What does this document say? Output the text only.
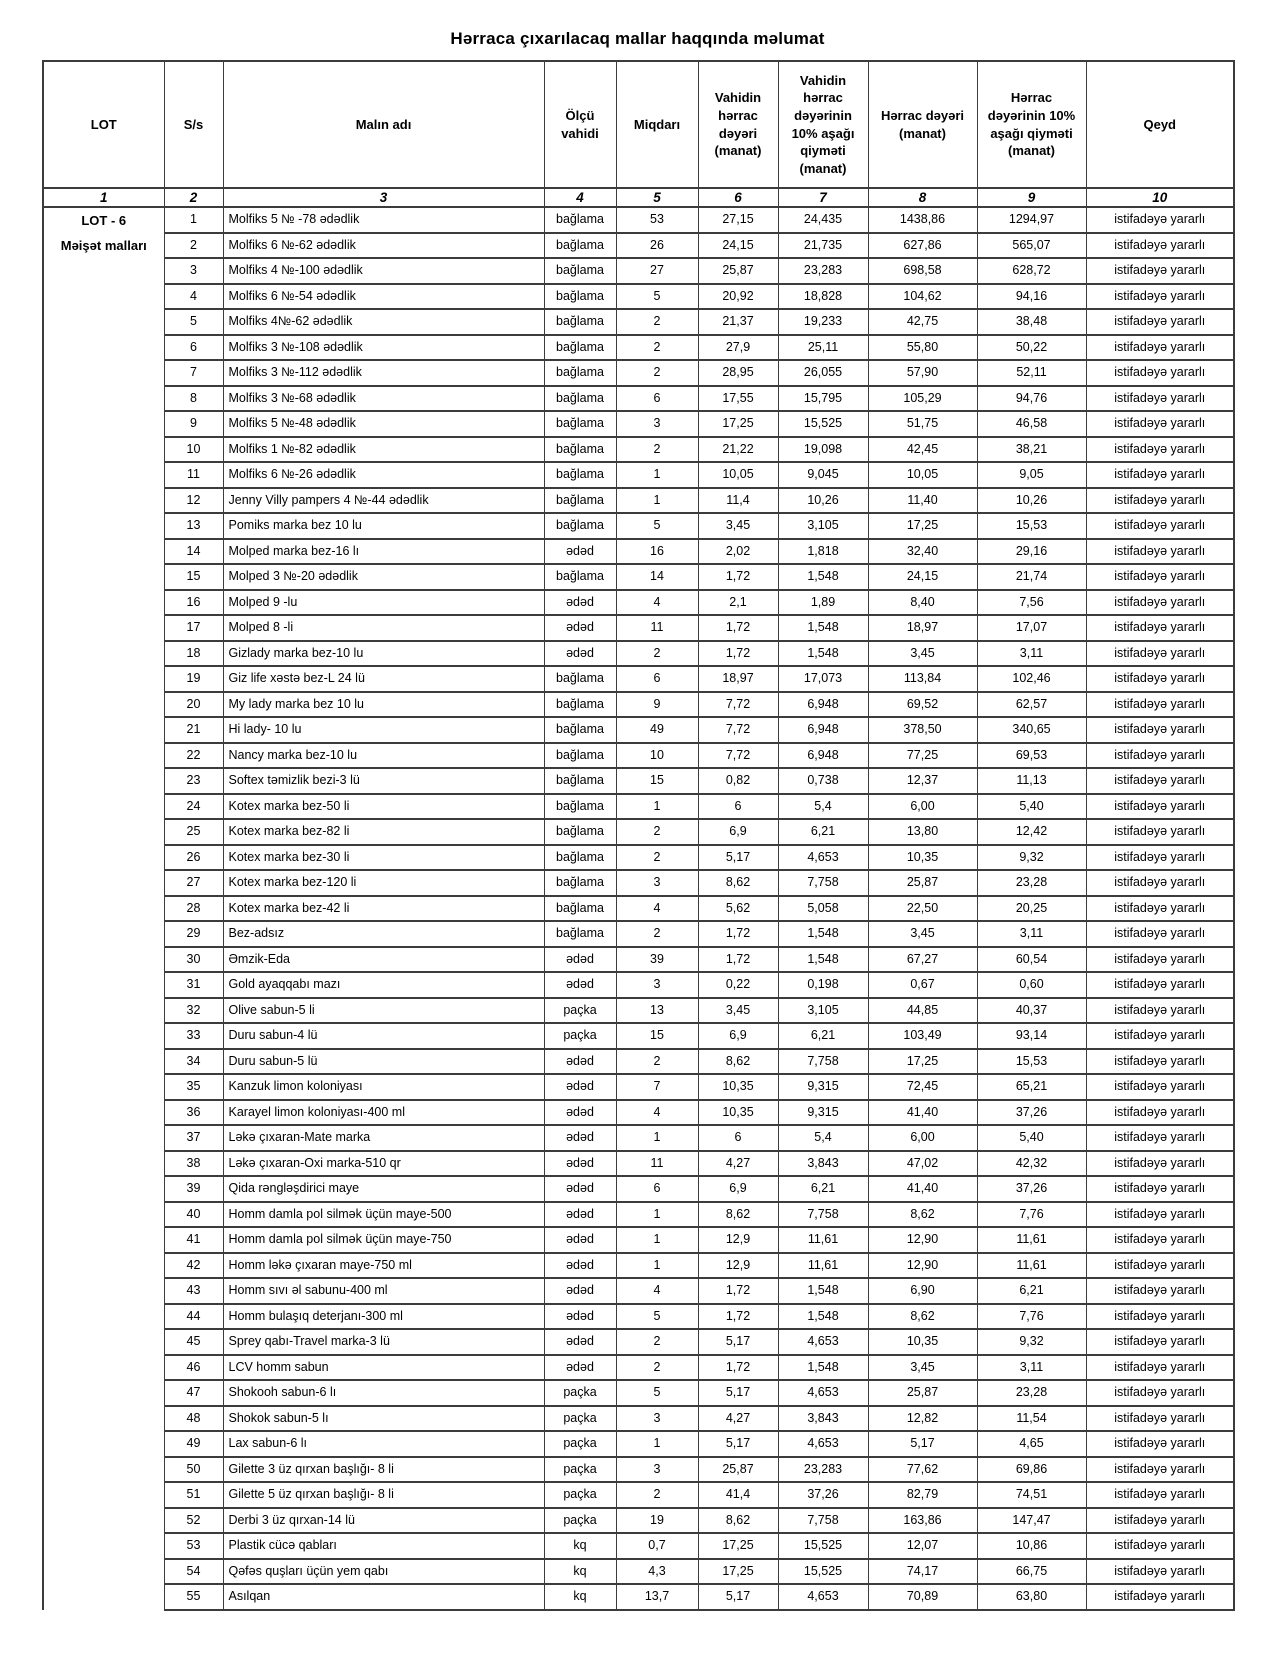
Hərraca çıxarılacaq mallar haqqında məlumat
LOT	S/s	Malın adı	Ölçü vahidi	Miqdarı	Vahidin hərrac dəyəri (manat)	Vahidin hərrac dəyərinin 10% aşağı qiyməti (manat)	Hərrac dəyəri (manat)	Hərrac dəyərinin 10% aşağı qiyməti (manat)	Qeyd
1	2	3	4	5	6	7	8	9	10

LOT - 6
Məişət malları	1	Molfiks 5 № -78 ədədlik	bağlama	53	27,15	24,435	1438,86	1294,97	istifadəyə yararlı
	2	Molfiks 6 №-62 ədədlik	bağlama	26	24,15	21,735	627,86	565,07	istifadəyə yararlı
	3	Molfiks 4 №-100 ədədlik	bağlama	27	25,87	23,283	698,58	628,72	istifadəyə yararlı
	4	Molfiks 6 №-54 ədədlik	bağlama	5	20,92	18,828	104,62	94,16	istifadəyə yararlı
	5	Molfiks 4№-62 ədədlik	bağlama	2	21,37	19,233	42,75	38,48	istifadəyə yararlı
	6	Molfiks 3 №-108 ədədlik	bağlama	2	27,9	25,11	55,80	50,22	istifadəyə yararlı
	7	Molfiks 3 №-112 ədədlik	bağlama	2	28,95	26,055	57,90	52,11	istifadəyə yararlı
	8	Molfiks 3 №-68 ədədlik	bağlama	6	17,55	15,795	105,29	94,76	istifadəyə yararlı
	9	Molfiks 5 №-48 ədədlik	bağlama	3	17,25	15,525	51,75	46,58	istifadəyə yararlı
	10	Molfiks 1 №-82 ədədlik	bağlama	2	21,22	19,098	42,45	38,21	istifadəyə yararlı
	11	Molfiks 6 №-26 ədədlik	bağlama	1	10,05	9,045	10,05	9,05	istifadəyə yararlı
	12	Jenny Villy pampers 4 №-44 ədədlik	bağlama	1	11,4	10,26	11,40	10,26	istifadəyə yararlı
	13	Pomiks marka bez 10 lu	bağlama	5	3,45	3,105	17,25	15,53	istifadəyə yararlı
	14	Molped marka bez-16 lı	ədəd	16	2,02	1,818	32,40	29,16	istifadəyə yararlı
	15	Molped 3 №-20 ədədlik	bağlama	14	1,72	1,548	24,15	21,74	istifadəyə yararlı
	16	Molped 9 -lu	ədəd	4	2,1	1,89	8,40	7,56	istifadəyə yararlı
	17	Molped 8 -li	ədəd	11	1,72	1,548	18,97	17,07	istifadəyə yararlı
	18	Gizlady marka bez-10 lu	ədəd	2	1,72	1,548	3,45	3,11	istifadəyə yararlı
	19	Giz life xəstə bez-L 24 lü	bağlama	6	18,97	17,073	113,84	102,46	istifadəyə yararlı
	20	My lady marka bez 10 lu	bağlama	9	7,72	6,948	69,52	62,57	istifadəyə yararlı
	21	Hi lady- 10 lu	bağlama	49	7,72	6,948	378,50	340,65	istifadəyə yararlı
	22	Nancy marka bez-10 lu	bağlama	10	7,72	6,948	77,25	69,53	istifadəyə yararlı
	23	Softex təmizlik bezi-3 lü	bağlama	15	0,82	0,738	12,37	11,13	istifadəyə yararlı
	24	Kotex marka bez-50 li	bağlama	1	6	5,4	6,00	5,40	istifadəyə yararlı
	25	Kotex marka bez-82 li	bağlama	2	6,9	6,21	13,80	12,42	istifadəyə yararlı
	26	Kotex marka bez-30 li	bağlama	2	5,17	4,653	10,35	9,32	istifadəyə yararlı
	27	Kotex marka bez-120 li	bağlama	3	8,62	7,758	25,87	23,28	istifadəyə yararlı
	28	Kotex marka bez-42 li	bağlama	4	5,62	5,058	22,50	20,25	istifadəyə yararlı
	29	Bez-adsız	bağlama	2	1,72	1,548	3,45	3,11	istifadəyə yararlı
	30	Əmzik-Eda	ədəd	39	1,72	1,548	67,27	60,54	istifadəyə yararlı
	31	Gold ayaqqabı mazı	ədəd	3	0,22	0,198	0,67	0,60	istifadəyə yararlı
	32	Olive sabun-5 li	paçka	13	3,45	3,105	44,85	40,37	istifadəyə yararlı
	33	Duru sabun-4 lü	paçka	15	6,9	6,21	103,49	93,14	istifadəyə yararlı
	34	Duru sabun-5 lü	ədəd	2	8,62	7,758	17,25	15,53	istifadəyə yararlı
	35	Kanzuk limon koloniyası	ədəd	7	10,35	9,315	72,45	65,21	istifadəyə yararlı
	36	Karayel limon koloniyası-400 ml	ədəd	4	10,35	9,315	41,40	37,26	istifadəyə yararlı
	37	Ləkə çıxaran-Mate marka	ədəd	1	6	5,4	6,00	5,40	istifadəyə yararlı
	38	Ləkə çıxaran-Oxi marka-510 qr	ədəd	11	4,27	3,843	47,02	42,32	istifadəyə yararlı
	39	Qida rəngləşdirici maye	ədəd	6	6,9	6,21	41,40	37,26	istifadəyə yararlı
	40	Homm damla pol silmək üçün maye-500	ədəd	1	8,62	7,758	8,62	7,76	istifadəyə yararlı
	41	Homm damla pol silmək üçün maye-750	ədəd	1	12,9	11,61	12,90	11,61	istifadəyə yararlı
	42	Homm ləkə çıxaran maye-750 ml	ədəd	1	12,9	11,61	12,90	11,61	istifadəyə yararlı
	43	Homm sıvı əl sabunu-400 ml	ədəd	4	1,72	1,548	6,90	6,21	istifadəyə yararlı
	44	Homm bulaşıq deterjanı-300 ml	ədəd	5	1,72	1,548	8,62	7,76	istifadəyə yararlı
	45	Sprey qabı-Travel marka-3 lü	ədəd	2	5,17	4,653	10,35	9,32	istifadəyə yararlı
	46	LCV homm sabun	ədəd	2	1,72	1,548	3,45	3,11	istifadəyə yararlı
	47	Shokooh sabun-6 lı	paçka	5	5,17	4,653	25,87	23,28	istifadəyə yararlı
	48	Shokok sabun-5 lı	paçka	3	4,27	3,843	12,82	11,54	istifadəyə yararlı
	49	Lax sabun-6 lı	paçka	1	5,17	4,653	5,17	4,65	istifadəyə yararlı
	50	Gilette 3 üz qırxan başlığı- 8 li	paçka	3	25,87	23,283	77,62	69,86	istifadəyə yararlı
	51	Gilette 5 üz qırxan başlığı- 8 li	paçka	2	41,4	37,26	82,79	74,51	istifadəyə yararlı
	52	Derbi 3 üz qırxan-14 lü	paçka	19	8,62	7,758	163,86	147,47	istifadəyə yararlı
	53	Plastik cücə qabları	kq	0,7	17,25	15,525	12,07	10,86	istifadəyə yararlı
	54	Qəfəs quşları üçün yem qabı	kq	4,3	17,25	15,525	74,17	66,75	istifadəyə yararlı
	55	Asılqan	kq	13,7	5,17	4,653	70,89	63,80	istifadəyə yararlı
